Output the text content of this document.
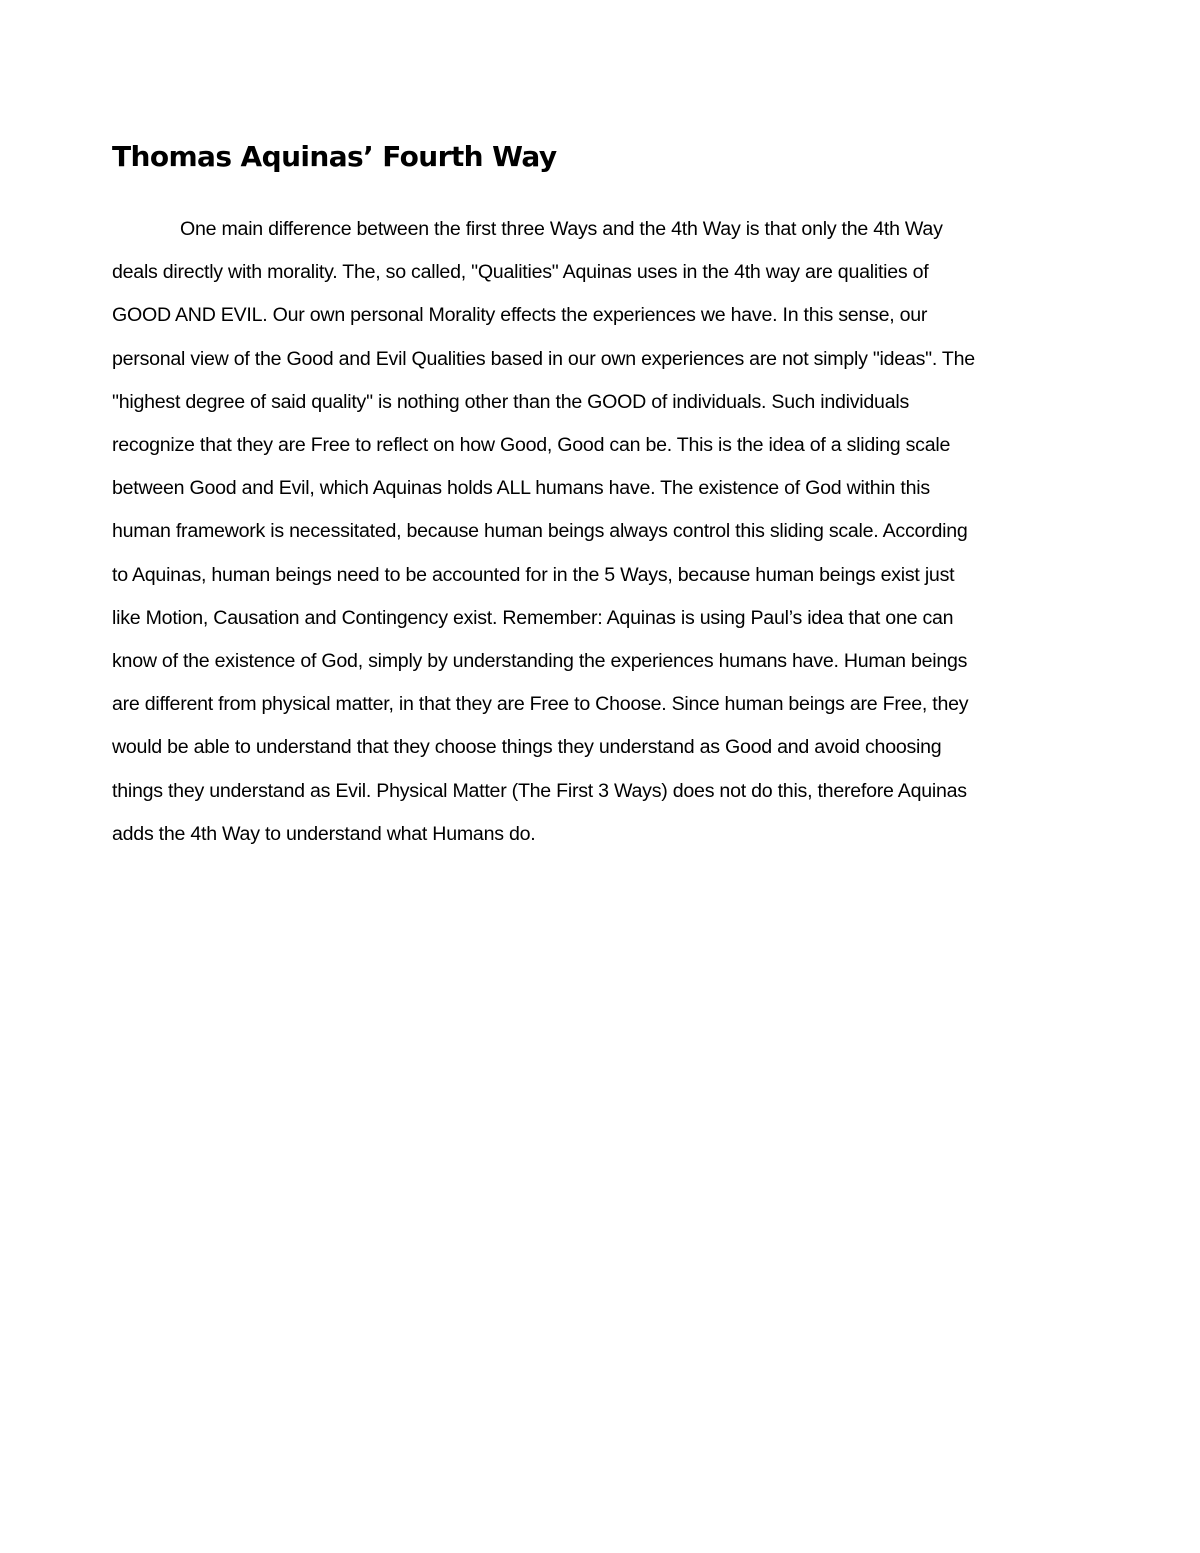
Thomas Aquinas’ Fourth Way

One main difference between the first three Ways and the 4th Way is that only the 4th Way
deals directly with morality. The, so called, "Qualities" Aquinas uses in the 4th way are qualities of
GOOD AND EVIL. Our own personal Morality effects the experiences we have. In this sense, our
personal view of the Good and Evil Qualities based in our own experiences are not simply "ideas". The
"highest degree of said quality" is nothing other than the GOOD of individuals. Such individuals
recognize that they are Free to reflect on how Good, Good can be. This is the idea of a sliding scale
between Good and Evil, which Aquinas holds ALL humans have. The existence of God within this
human framework is necessitated, because human beings always control this sliding scale. According
to Aquinas, human beings need to be accounted for in the 5 Ways, because human beings exist just
like Motion, Causation and Contingency exist. Remember: Aquinas is using Paul’s idea that one can
know of the existence of God, simply by understanding the experiences humans have. Human beings
are different from physical matter, in that they are Free to Choose. Since human beings are Free, they
would be able to understand that they choose things they understand as Good and avoid choosing
things they understand as Evil. Physical Matter (The First 3 Ways) does not do this, therefore Aquinas
adds the 4th Way to understand what Humans do.
